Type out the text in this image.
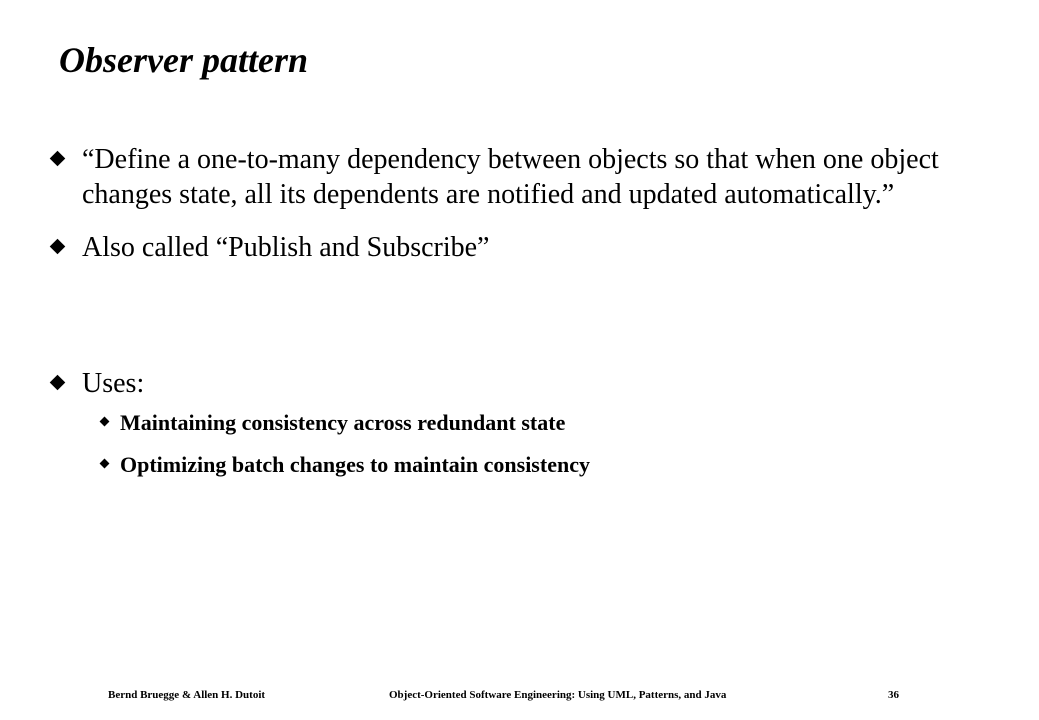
Observer pattern
“Define a one-to-many dependency between objects so that when one object changes state, all its dependents are notified and updated automatically.”
Also called “Publish and Subscribe”
Uses:
Maintaining consistency across redundant state
Optimizing batch changes to maintain consistency
Bernd Bruegge & Allen H. Dutoit	Object-Oriented Software Engineering: Using UML, Patterns, and Java	36
